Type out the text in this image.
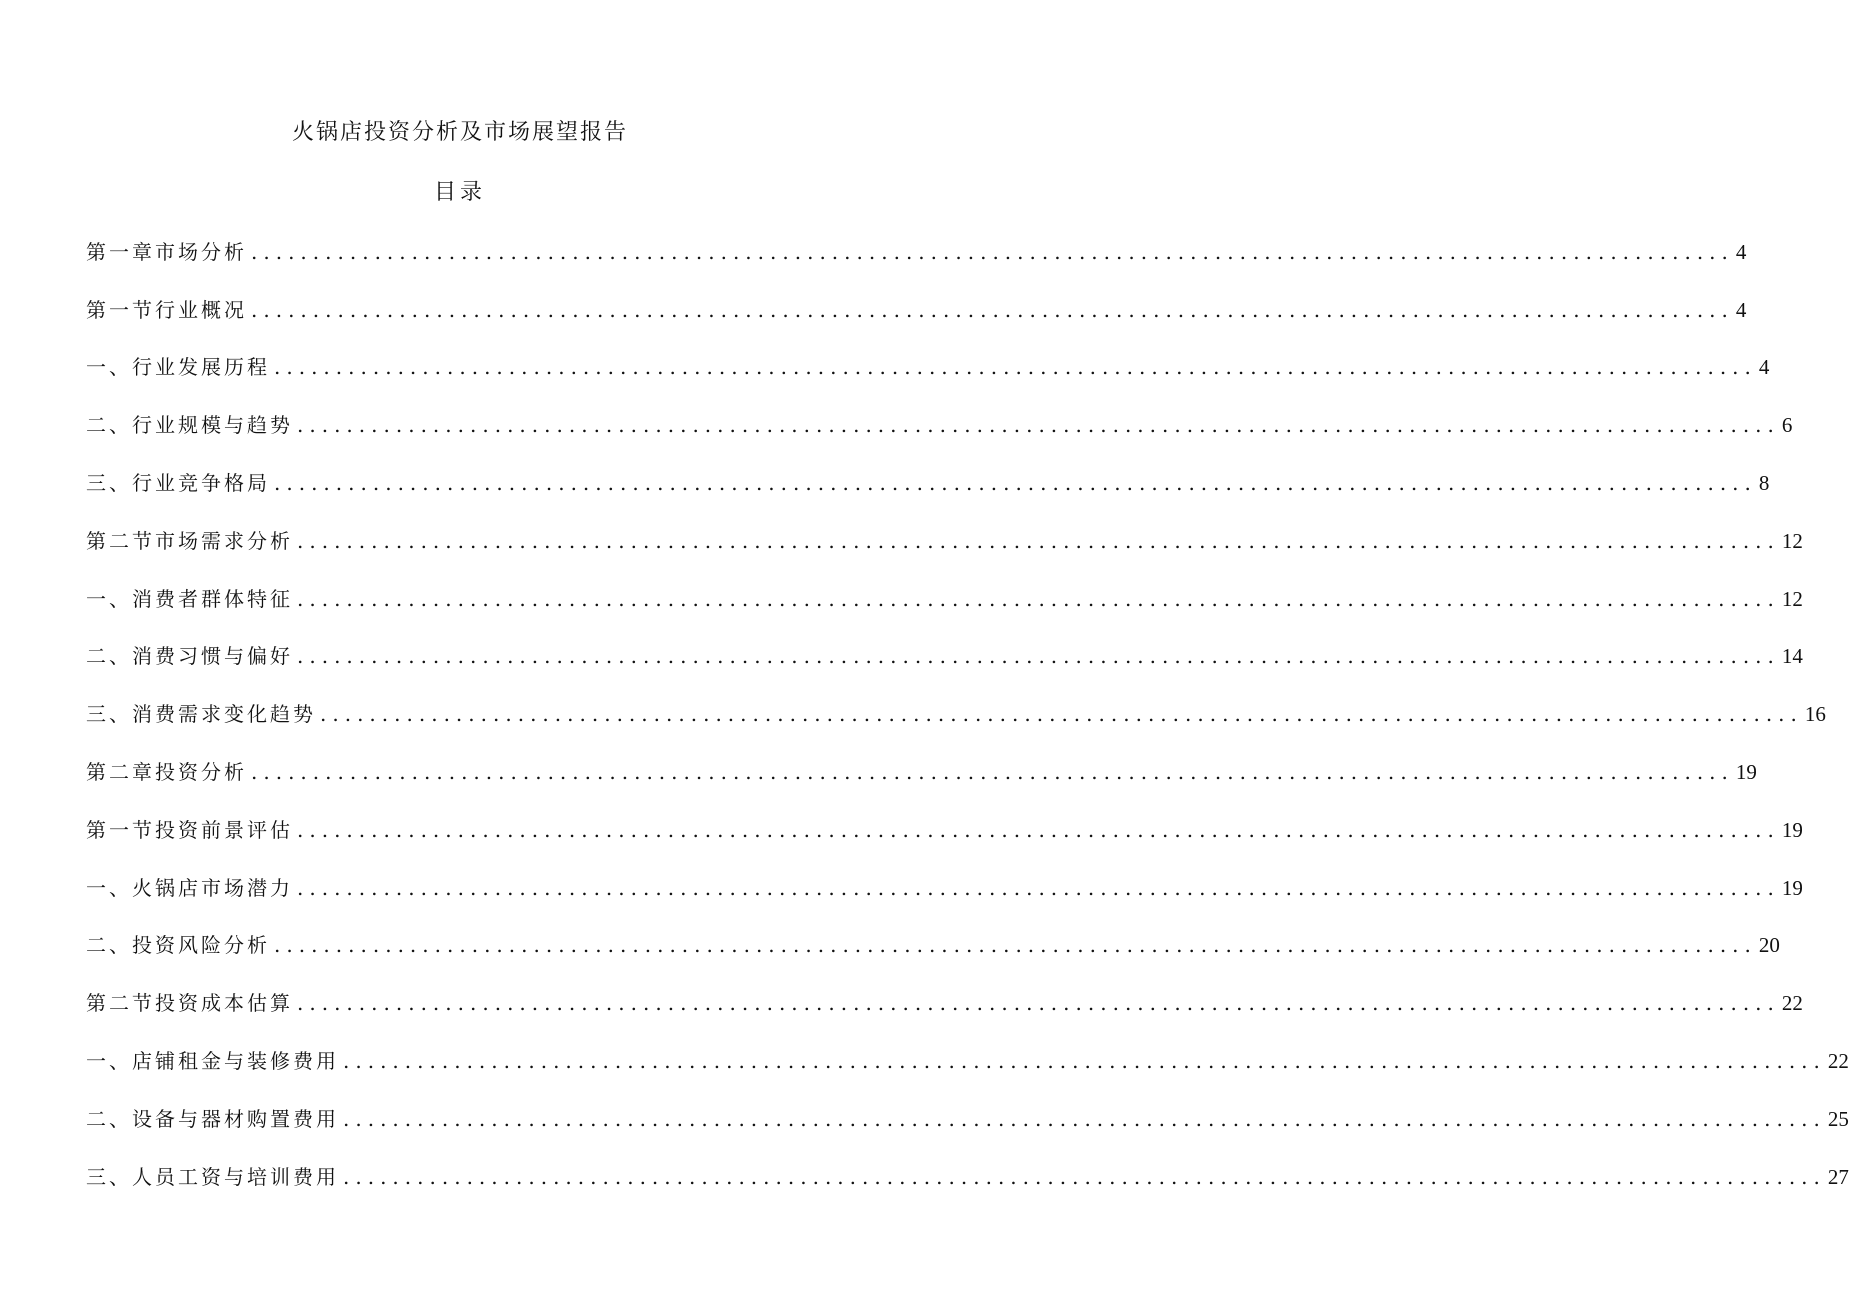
火锅店投资分析及市场展望报告
目录
第一章市场分析 ........................................................................................................................ 4
第一节行业概况 ........................................................................................................................ 4
一、行业发展历程 ........................................................................................................................ 4
二、行业规模与趋势 ........................................................................................................................ 6
三、行业竞争格局 ........................................................................................................................ 8
第二节市场需求分析 ........................................................................................................................ 12
一、消费者群体特征 ........................................................................................................................ 12
二、消费习惯与偏好 ........................................................................................................................ 14
三、消费需求变化趋势 ........................................................................................................................ 16
第二章投资分析 ........................................................................................................................ 19
第一节投资前景评估 ........................................................................................................................ 19
一、火锅店市场潜力 ........................................................................................................................ 19
二、投资风险分析 ........................................................................................................................ 20
第二节投资成本估算 ........................................................................................................................ 22
一、店铺租金与装修费用 ........................................................................................................................ 22
二、设备与器材购置费用 ........................................................................................................................ 25
三、人员工资与培训费用 ........................................................................................................................ 27
